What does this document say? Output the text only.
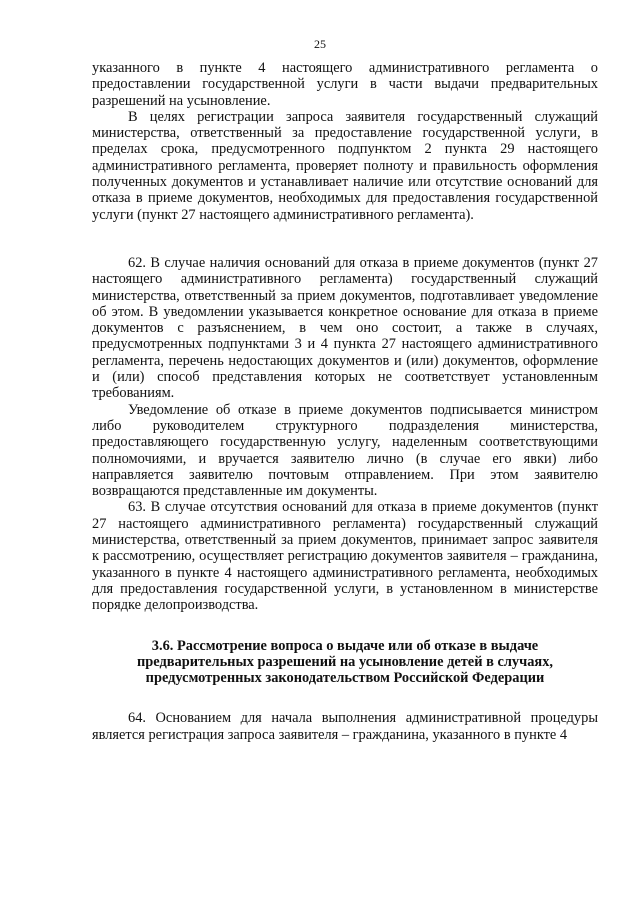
25

указанного в пункте 4 настоящего административного регламента о предоставлении государственной услуги в части выдачи предварительных разрешений на усыновление.

В целях регистрации запроса заявителя государственный служащий министерства, ответственный за предоставление государственной услуги, в пределах срока, предусмотренного подпунктом 2 пункта 29 настоящего административного регламента, проверяет полноту и правильность оформления полученных документов и устанавливает наличие или отсутствие оснований для отказа в приеме документов, необходимых для предоставления государственной услуги (пункт 27 настоящего административного регламента).

62. В случае наличия оснований для отказа в приеме документов (пункт 27 настоящего административного регламента) государственный служащий министерства, ответственный за прием документов, подготавливает уведомление об этом. В уведомлении указывается конкретное основание для отказа в приеме документов с разъяснением, в чем оно состоит, а также в случаях, предусмотренных подпунктами 3 и 4 пункта 27 настоящего административного регламента, перечень недостающих документов и (или) документов, оформление и (или) способ представления которых не соответствует установленным требованиям.

Уведомление об отказе в приеме документов подписывается министром либо руководителем структурного подразделения министерства, предоставляющего государственную услугу, наделенным соответствующими полномочиями, и вручается заявителю лично (в случае его явки) либо направляется заявителю почтовым отправлением. При этом заявителю возвращаются представленные им документы.

63. В случае отсутствия оснований для отказа в приеме документов (пункт 27 настоящего административного регламента) государственный служащий министерства, ответственный за прием документов, принимает запрос заявителя к рассмотрению, осуществляет регистрацию документов заявителя – гражданина, указанного в пункте 4 настоящего административного регламента, необходимых для предоставления государственной услуги, в установленном в министерстве порядке делопроизводства.

3.6. Рассмотрение вопроса о выдаче или об отказе в выдаче
предварительных разрешений на усыновление детей в случаях,
предусмотренных законодательством Российской Федерации

64. Основанием для начала выполнения административной процедуры является регистрация запроса заявителя – гражданина, указанного в пункте 4
